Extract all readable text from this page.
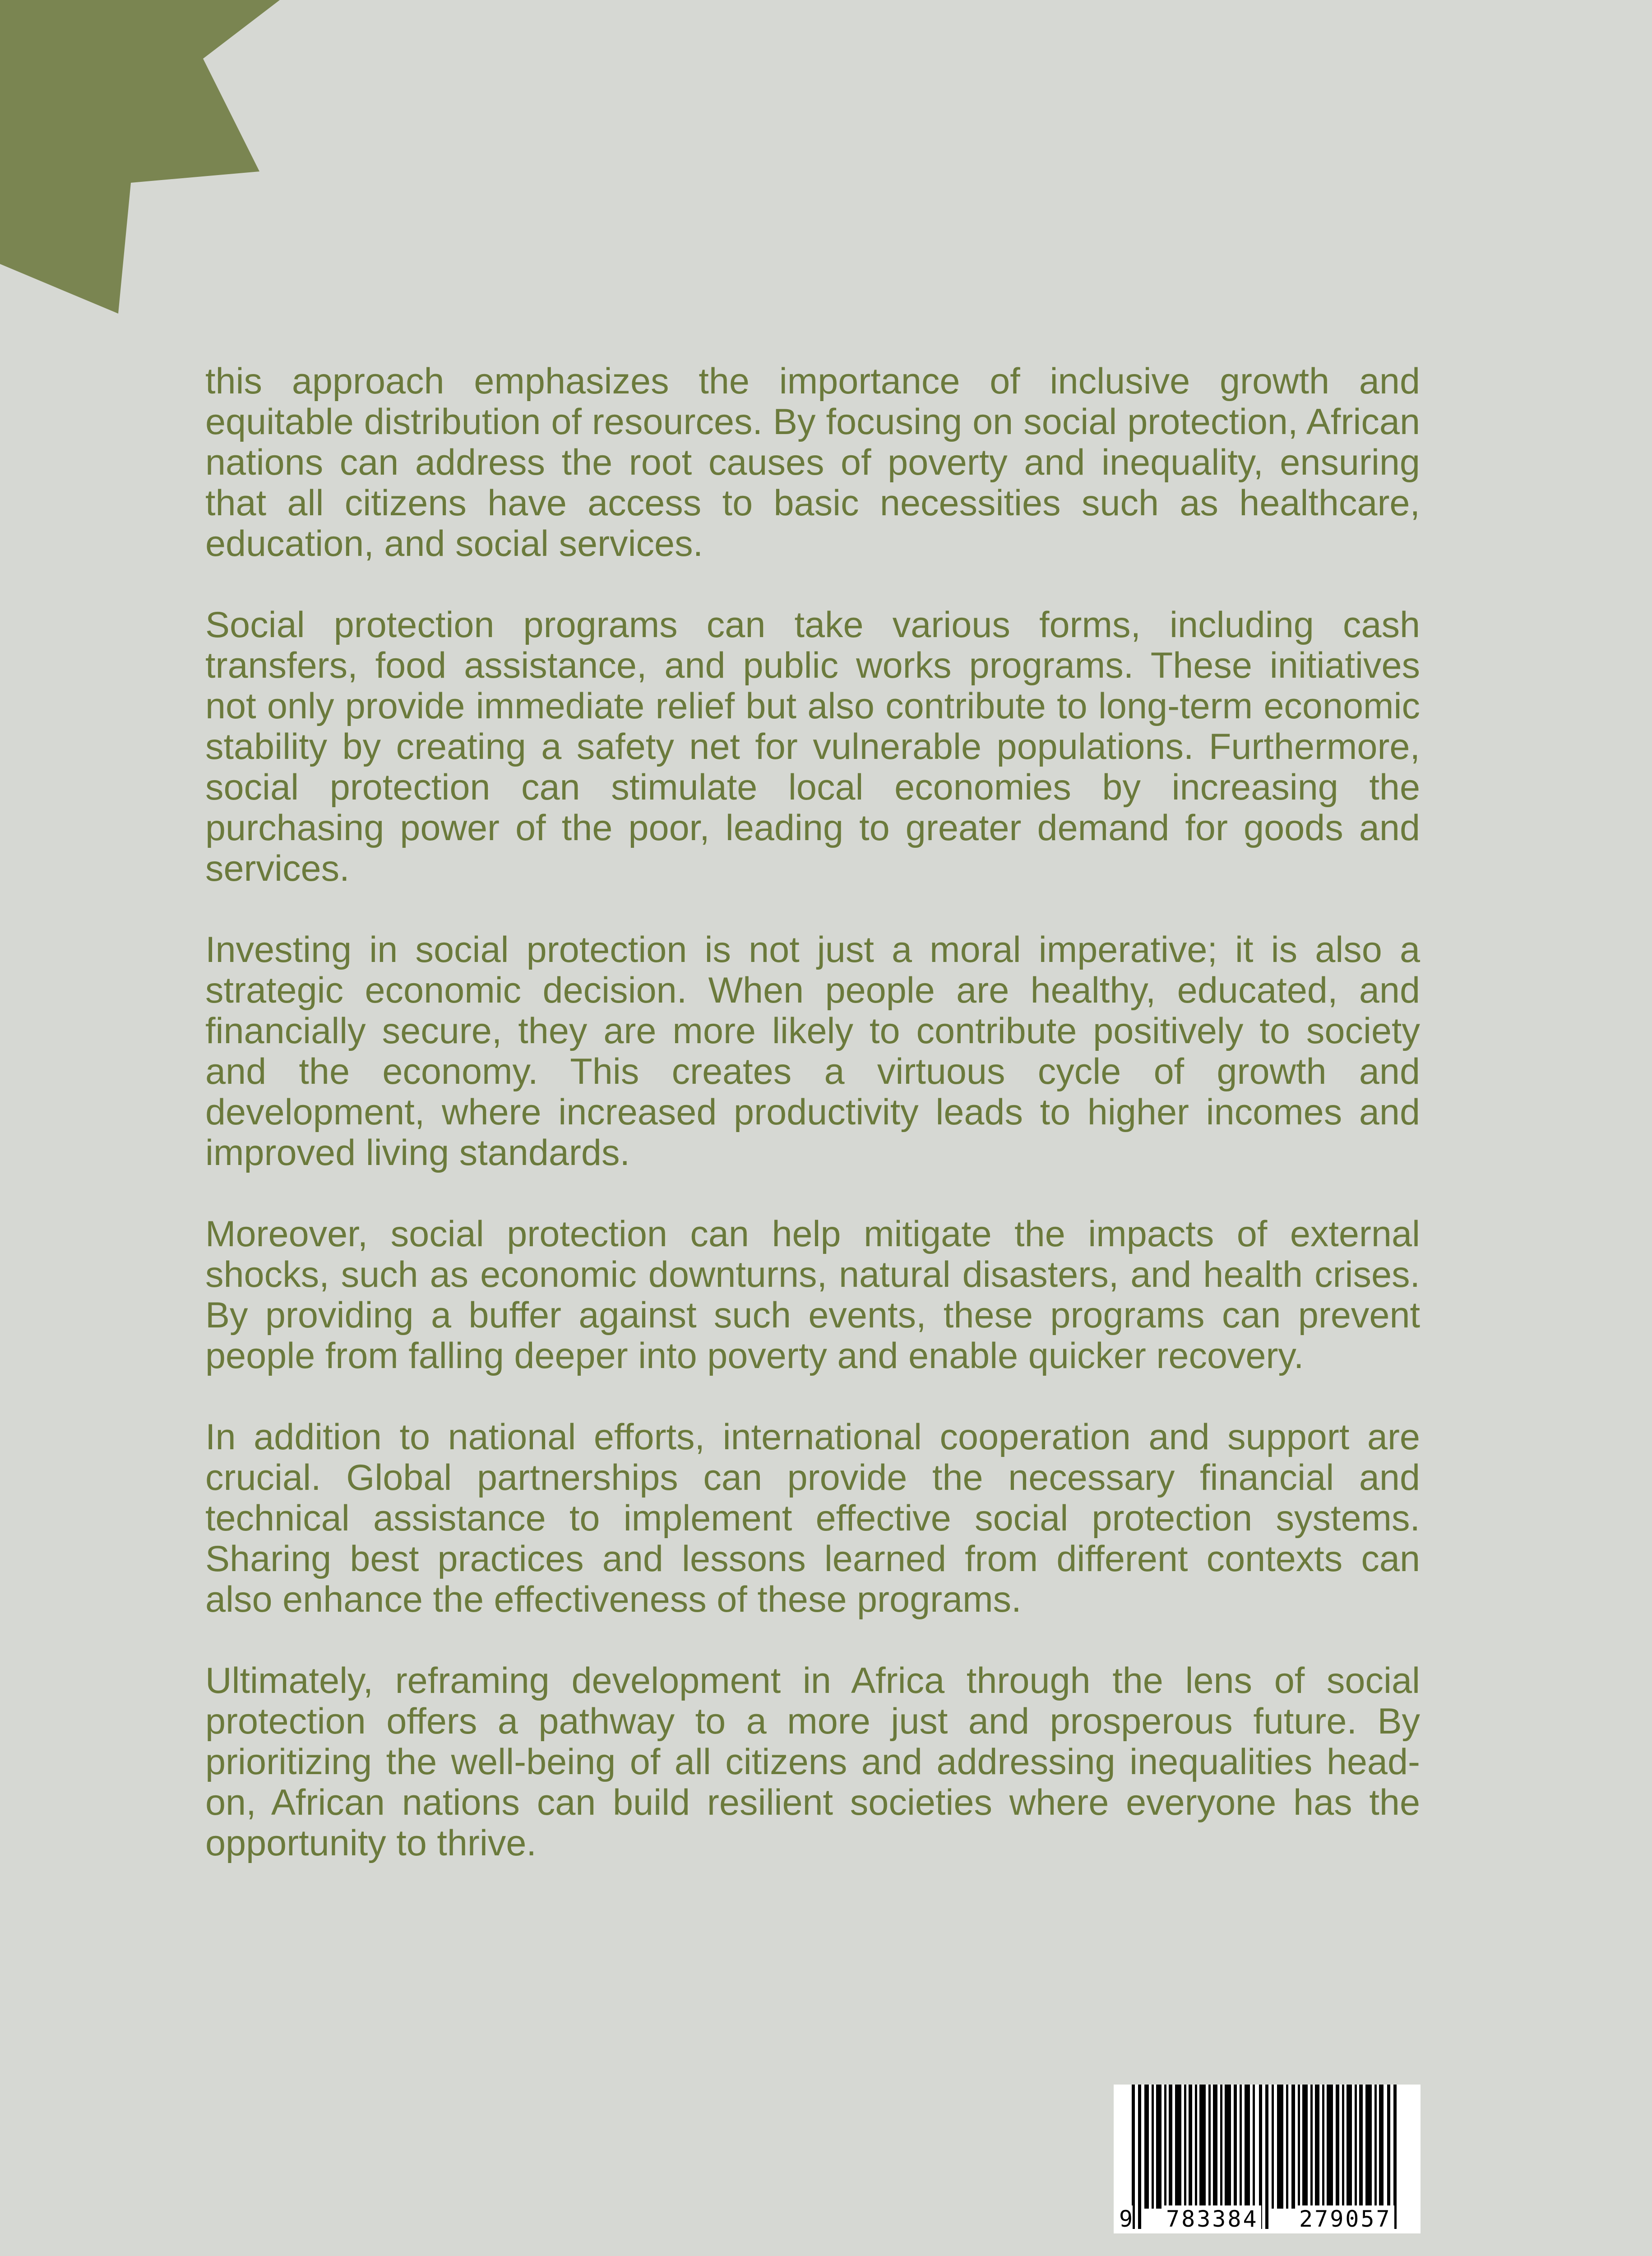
this approach emphasizes the importance of inclusive growth and equitable distribution of resources. By focusing on social protection, African nations can address the root causes of poverty and inequality, ensuring that all citizens have access to basic necessities such as healthcare, education, and social services.

Social protection programs can take various forms, including cash transfers, food assistance, and public works programs. These initiatives not only provide immediate relief but also contribute to long-term economic stability by creating a safety net for vulnerable populations. Furthermore, social protection can stimulate local economies by increasing the purchasing power of the poor, leading to greater demand for goods and services.

Investing in social protection is not just a moral imperative; it is also a strategic economic decision. When people are healthy, educated, and financially secure, they are more likely to contribute positively to society and the economy. This creates a virtuous cycle of growth and development, where increased productivity leads to higher incomes and improved living standards.

Moreover, social protection can help mitigate the impacts of external shocks, such as economic downturns, natural disasters, and health crises. By providing a buffer against such events, these programs can prevent people from falling deeper into poverty and enable quicker recovery.

In addition to national efforts, international cooperation and support are crucial. Global partnerships can provide the necessary financial and technical assistance to implement effective social protection systems. Sharing best practices and lessons learned from different contexts can also enhance the effectiveness of these programs.

Ultimately, reframing development in Africa through the lens of social protection offers a pathway to a more just and prosperous future. By prioritizing the well-being of all citizens and addressing inequalities head-on, African nations can build resilient societies where everyone has the opportunity to thrive.

9 783384 279057
